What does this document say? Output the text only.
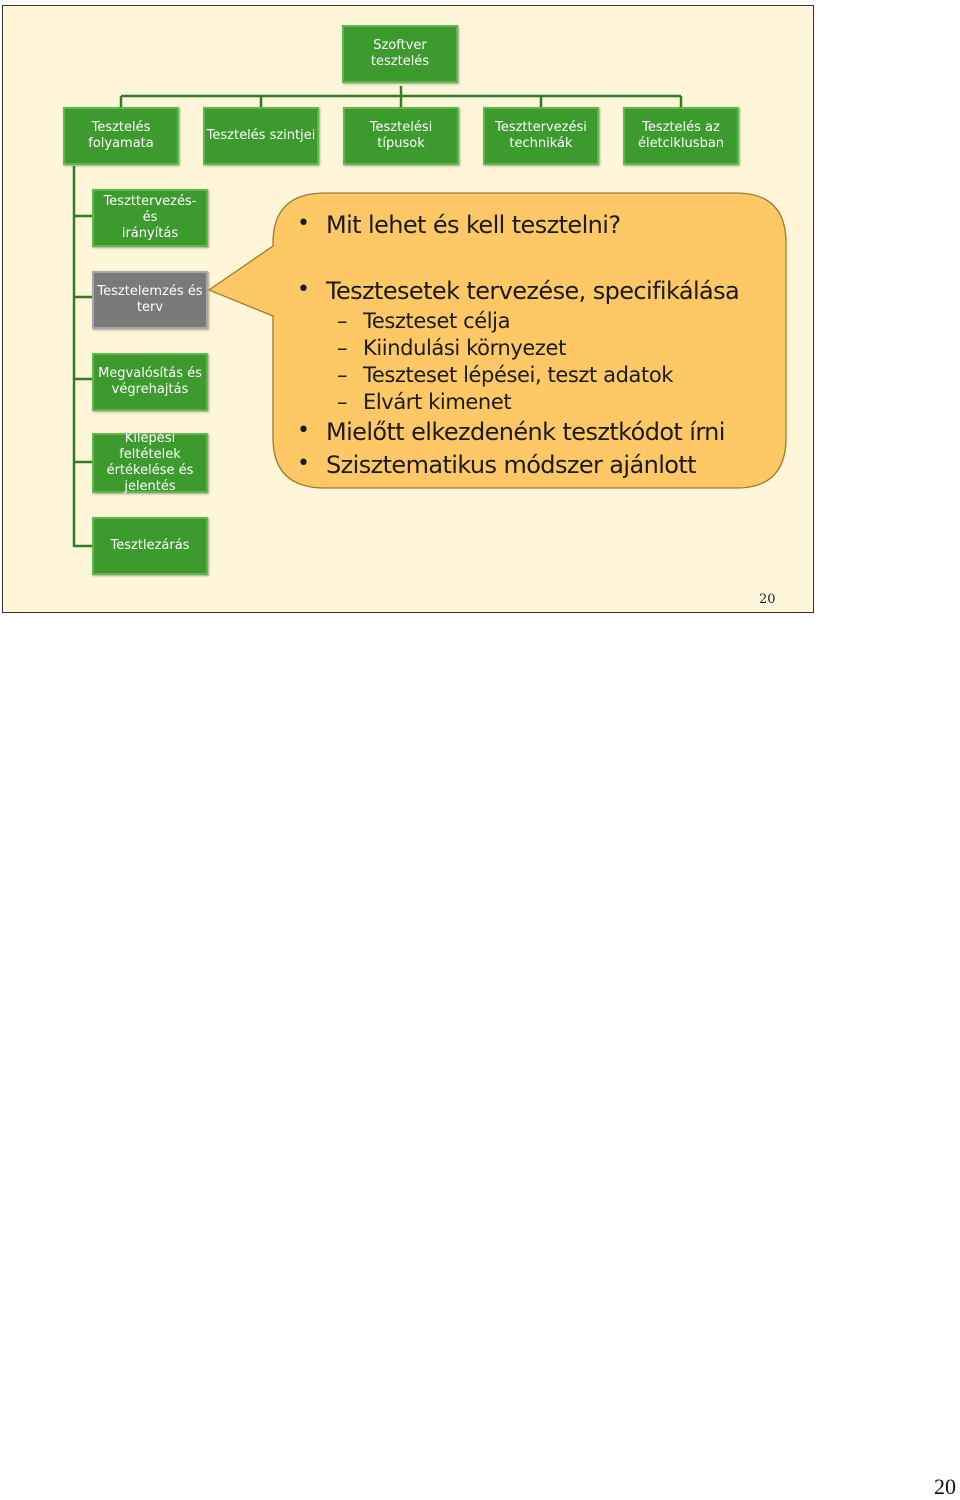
Szoftver tesztelés
Tesztelés
folyamata
Tesztelés szintjei
Tesztelési típusok
Teszttervezési
technikák
Tesztelés az
életciklusban
Teszttervezés- és
irányítás
Tesztelemzés és
terv
Megvalósítás és
végrehajtás
Kilépési feltételek
értékelése és
jelentés
Tesztlezárás
• Mit lehet és kell tesztelni?
• Tesztesetek tervezése, specifikálása
– Teszteset célja
– Kiindulási környezet
– Teszteset lépései, teszt adatok
– Elvárt kimenet
• Mielőtt elkezdenénk tesztkódot írni
• Szisztematikus módszer ajánlott
20
20
